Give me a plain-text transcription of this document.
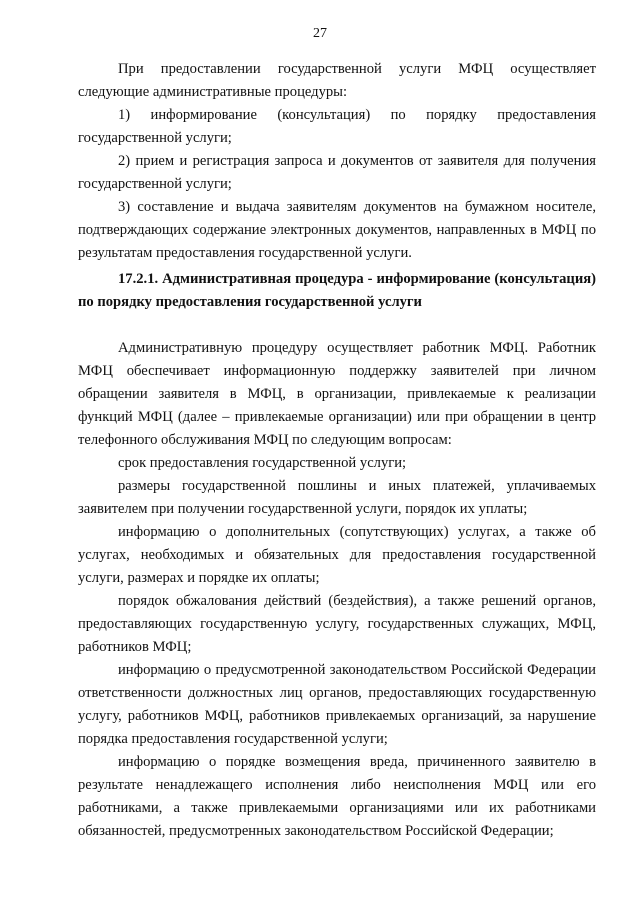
27

При предоставлении государственной услуги МФЦ осуществляет следующие административные процедуры:

1) информирование (консультация) по порядку предоставления государственной услуги;

2) прием и регистрация запроса и документов от заявителя для получения государственной услуги;

3) составление и выдача заявителям документов на бумажном носителе, подтверждающих содержание электронных документов, направленных в МФЦ по результатам предоставления государственной услуги.

17.2.1. Административная процедура - информирование (консультация) по порядку предоставления государственной услуги

Административную процедуру осуществляет работник МФЦ. Работник МФЦ обеспечивает информационную поддержку заявителей при личном обращении заявителя в МФЦ, в организации, привлекаемые к реализации функций МФЦ (далее – привлекаемые организации) или при обращении в центр телефонного обслуживания МФЦ по следующим вопросам:

срок предоставления государственной услуги;

размеры государственной пошлины и иных платежей, уплачиваемых заявителем при получении государственной услуги, порядок их уплаты;

информацию о дополнительных (сопутствующих) услугах, а также об услугах, необходимых и обязательных для предоставления государственной услуги, размерах и порядке их оплаты;

порядок обжалования действий (бездействия), а также решений органов, предоставляющих государственную услугу, государственных служащих, МФЦ, работников МФЦ;

информацию о предусмотренной законодательством Российской Федерации ответственности должностных лиц органов, предоставляющих государственную услугу, работников МФЦ, работников привлекаемых организаций, за нарушение порядка предоставления государственной услуги;

информацию о порядке возмещения вреда, причиненного заявителю в результате ненадлежащего исполнения либо неисполнения МФЦ или его работниками, а также привлекаемыми организациями или их работниками обязанностей, предусмотренных законодательством Российской Федерации;
